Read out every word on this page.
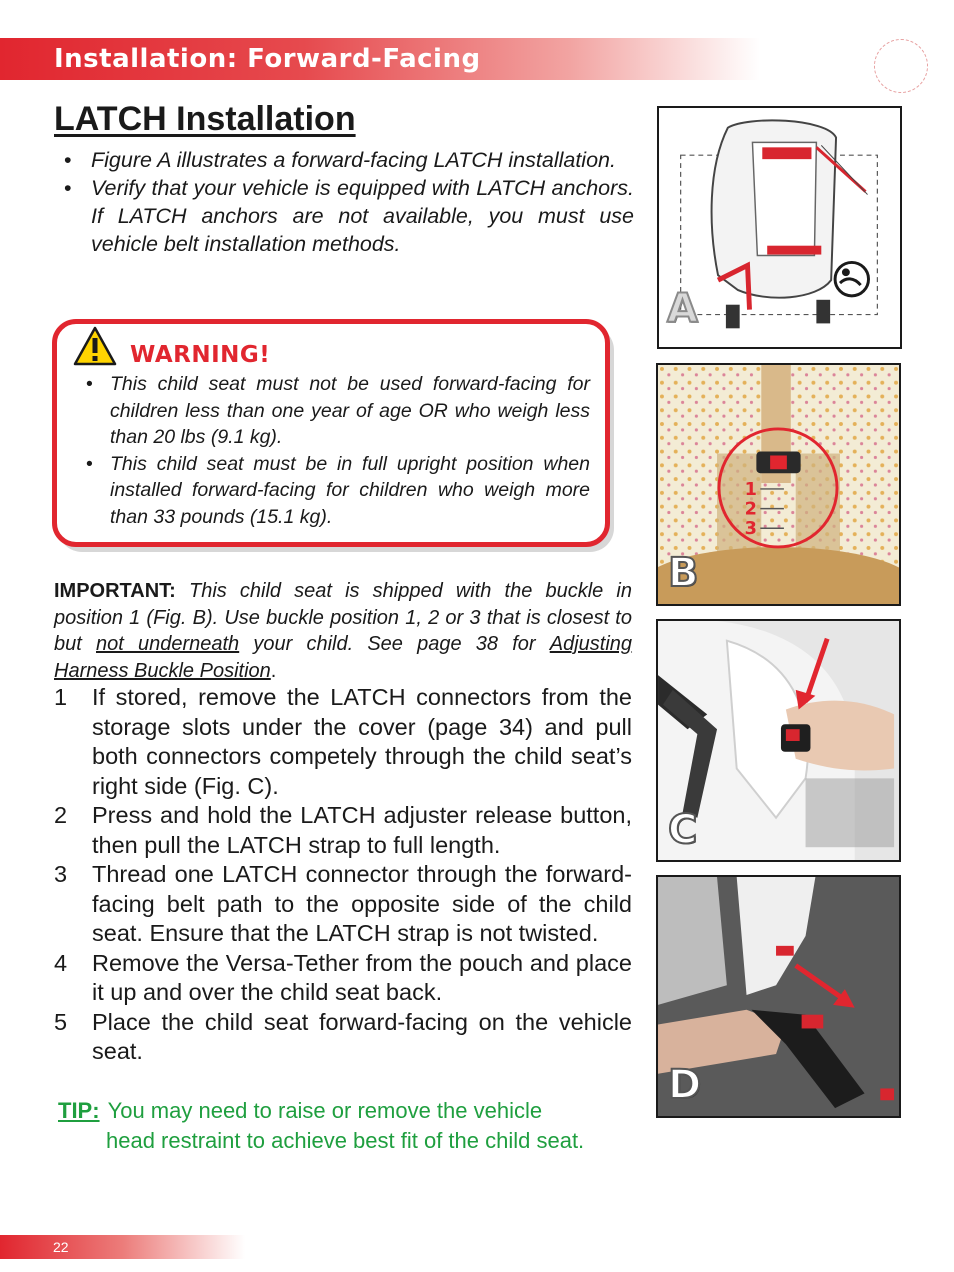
Installation: Forward-Facing
LATCH Installation
• Figure A illustrates a forward-facing LATCH installation.
• Verify that your vehicle is equipped with LATCH anchors. If LATCH anchors are not available, you must use vehicle belt installation methods.
WARNING!
• This child seat must not be used forward-facing for children less than one year of age OR who weigh less than 20 lbs (9.1 kg).
• This child seat must be in full upright position when installed forward-facing for children who weigh more than 33 pounds (15.1 kg).

IMPORTANT: This child seat is shipped with the buckle in position 1 (Fig. B). Use buckle position 1, 2 or 3 that is closest to but not underneath your child. See page 38 for Adjusting Harness Buckle Position.

1 If stored, remove the LATCH connectors from the storage slots under the cover (page 34) and pull both connectors competely through the child seat’s right side (Fig. C).
2 Press and hold the LATCH adjuster release button, then pull the LATCH strap to full length.
3 Thread one LATCH connector through the forward-facing belt path to the opposite side of the child seat. Ensure that the LATCH strap is not twisted.
4 Remove the Versa-Tether from the pouch and place it up and over the child seat back.
5 Place the child seat forward-facing on the vehicle seat.
TIP: You may need to raise or remove the vehicle
head restraint to achieve best fit of the child seat.
A
1
2
3
B
C
D
22
